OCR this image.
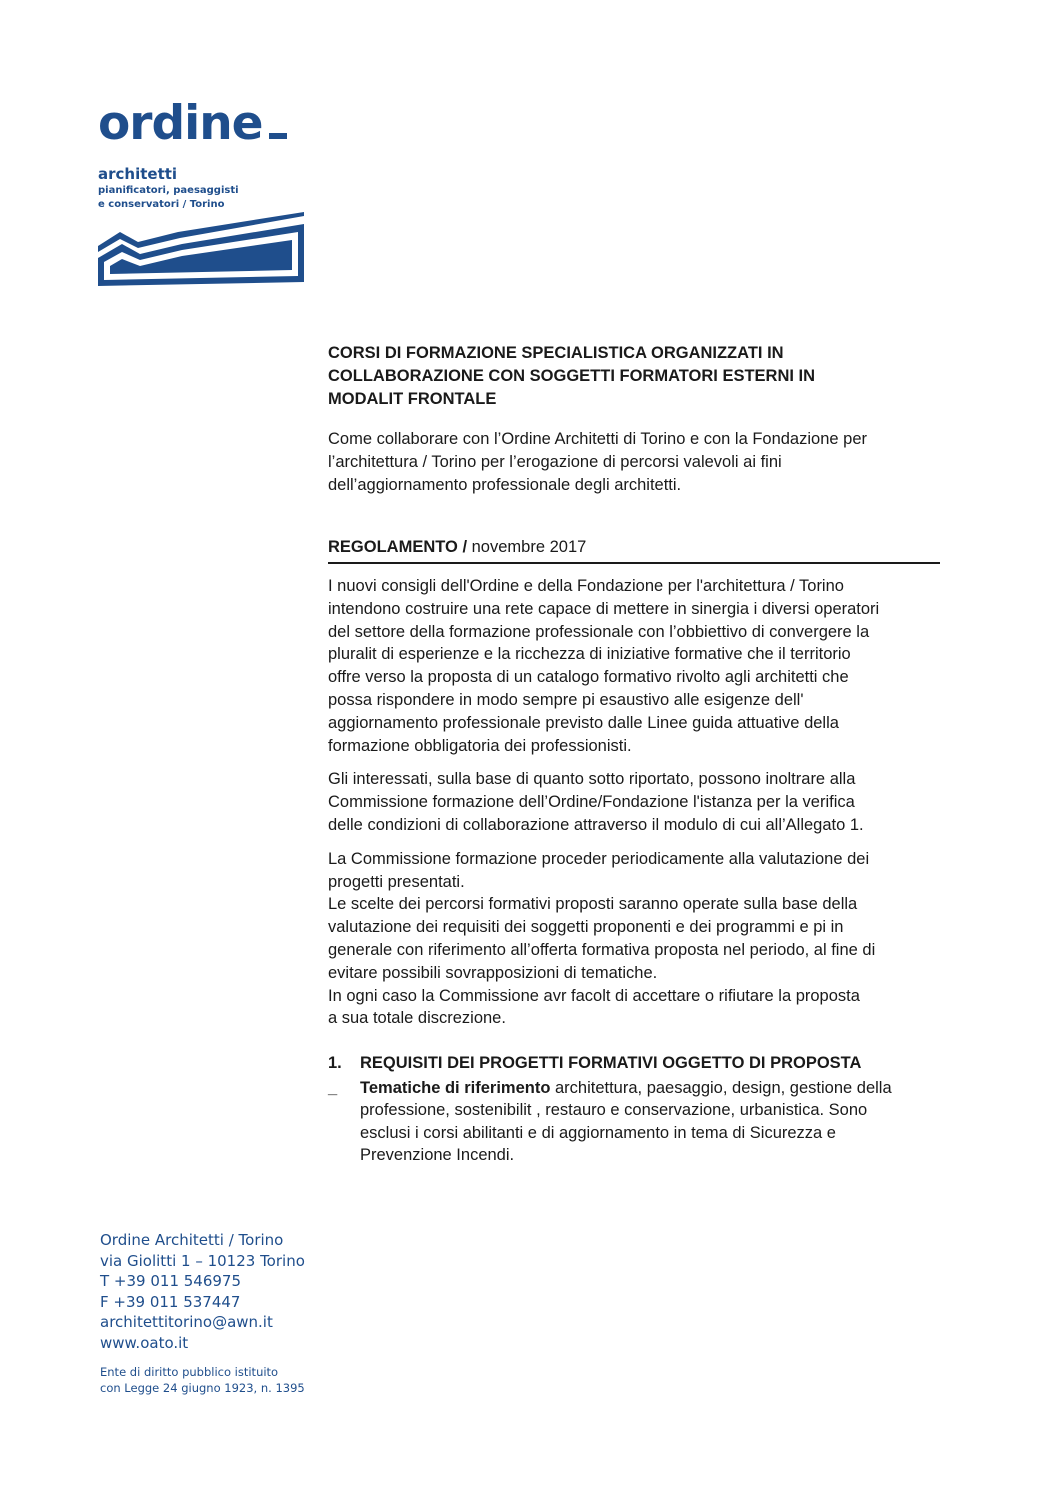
ordine
architetti
pianificatori, paesaggisti
e conservatori / Torino
CORSI DI FORMAZIONE SPECIALISTICA ORGANIZZATI IN
COLLABORAZIONE CON SOGGETTI FORMATORI ESTERNI IN
MODALIT FRONTALE
Come collaborare con l’Ordine Architetti di Torino e con la Fondazione per
l’architettura / Torino per l’erogazione di percorsi valevoli ai fini
dell’aggiornamento professionale degli architetti.
REGOLAMENTO / novembre 2017

I nuovi consigli dell'Ordine e della Fondazione per l'architettura / Torino
intendono costruire una rete capace di mettere in sinergia i diversi operatori
del settore della formazione professionale con l’obbiettivo di convergere la
pluralit di esperienze e la ricchezza di iniziative formative che il territorio
offre verso la proposta di un catalogo formativo rivolto agli architetti che
possa rispondere in modo sempre pi esaustivo alle esigenze dell'
aggiornamento professionale previsto dalle Linee guida attuative della
formazione obbligatoria dei professionisti.

Gli interessati, sulla base di quanto sotto riportato, possono inoltrare alla
Commissione formazione dell’Ordine/Fondazione l'istanza per la verifica
delle condizioni di collaborazione attraverso il modulo di cui all’Allegato 1.

La Commissione formazione proceder periodicamente alla valutazione dei
progetti presentati.
Le scelte dei percorsi formativi proposti saranno operate sulla base della
valutazione dei requisiti dei soggetti proponenti e dei programmi e pi in
generale con riferimento all’offerta formativa proposta nel periodo, al fine di
evitare possibili sovrapposizioni di tematiche.
In ogni caso la Commissione avr facolt di accettare o rifiutare la proposta
a sua totale discrezione.

1. REQUISITI DEI PROGETTI FORMATIVI OGGETTO DI PROPOSTA
_	Tematiche di riferimento architettura, paesaggio, design, gestione della
professione, sostenibilit , restauro e conservazione, urbanistica. Sono
esclusi i corsi abilitanti e di aggiornamento in tema di Sicurezza e
Prevenzione Incendi.
Ordine Architetti / Torino
via Giolitti 1 – 10123 Torino
T +39 011 546975
F +39 011 537447
architettitorino@awn.it
www.oato.it
Ente di diritto pubblico istituito
con Legge 24 giugno 1923, n. 1395
